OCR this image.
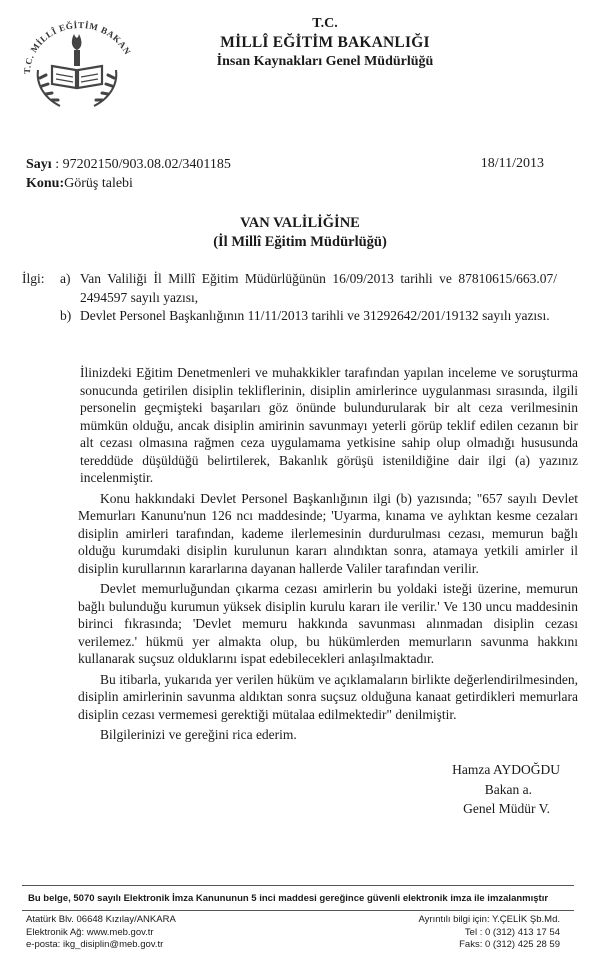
T.C. MİLLÎ EĞİTİM BAKAN
T.C.
MİLLÎ EĞİTİM BAKANLIĞI
İnsan Kaynakları Genel Müdürlüğü
Sayı : 97202150/903.08.02/3401185
Konu:Görüş talebi
18/11/2013
VAN VALİLİĞİNE
(İl Millî Eğitim Müdürlüğü)
İlgi:	a) Van Valiliği İl Millî Eğitim Müdürlüğünün 16/09/2013 tarihli ve 87810615/663.07/ 2494597 sayılı yazısı,
b) Devlet Personel Başkanlığının 11/11/2013 tarihli ve 31292642/201/19132 sayılı yazısı.

İlinizdeki Eğitim Denetmenleri ve muhakkikler tarafından yapılan inceleme ve soruşturma sonucunda getirilen disiplin tekliflerinin, disiplin amirlerince uygulanması sırasında, ilgili personelin geçmişteki başarıları göz önünde bulundurularak bir alt ceza verilmesinin mümkün olduğu, ancak disiplin amirinin savunmayı yeterli görüp teklif edilen cezanın bir alt cezası olmasına rağmen ceza uygulamama yetkisine sahip olup olmadığı hususunda tereddüde düşüldüğü belirtilerek, Bakanlık görüşü istenildiğine dair ilgi (a) yazınız incelenmiştir.

Konu hakkındaki Devlet Personel Başkanlığının ilgi (b) yazısında; "657 sayılı Devlet Memurları Kanunu'nun 126 ncı maddesinde; 'Uyarma, kınama ve aylıktan kesme cezaları disiplin amirleri tarafından, kademe ilerlemesinin durdurulması cezası, memurun bağlı olduğu kurumdaki disiplin kurulunun kararı alındıktan sonra, atamaya yetkili amirler il disiplin kurullarının kararlarına dayanan hallerde Valiler tarafından verilir.

Devlet memurluğundan çıkarma cezası amirlerin bu yoldaki isteği üzerine, memurun bağlı bulunduğu kurumun yüksek disiplin kurulu kararı ile verilir.' Ve 130 uncu maddesinin birinci fıkrasında; 'Devlet memuru hakkında savunması alınmadan disiplin cezası verilemez.' hükmü yer almakta olup, bu hükümlerden memurların savunma hakkını kullanarak suçsuz olduklarını ispat edebilecekleri anlaşılmaktadır.

Bu itibarla, yukarıda yer verilen hüküm ve açıklamaların birlikte değerlendirilmesinden, disiplin amirlerinin savunma aldıktan sonra suçsuz olduğuna kanaat getirdikleri memurlara disiplin cezası vermemesi gerektiği mütalaa edilmektedir" denilmiştir.

Bilgilerinizi ve gereğini rica ederim.

Hamza AYDOĞDU
Bakan a.
Genel Müdür V.
Bu belge, 5070 sayılı Elektronik İmza Kanununun 5 inci maddesi gereğince güvenli elektronik imza ile imzalanmıştır
Atatürk Blv. 06648 Kızılay/ANKARA
Elektronik Ağ: www.meb.gov.tr
e-posta: ikg_disiplin@meb.gov.tr
Ayrıntılı bilgi için: Y.ÇELİK Şb.Md.
Tel : 0 (312) 413 17 54
Faks: 0 (312) 425 28 59
